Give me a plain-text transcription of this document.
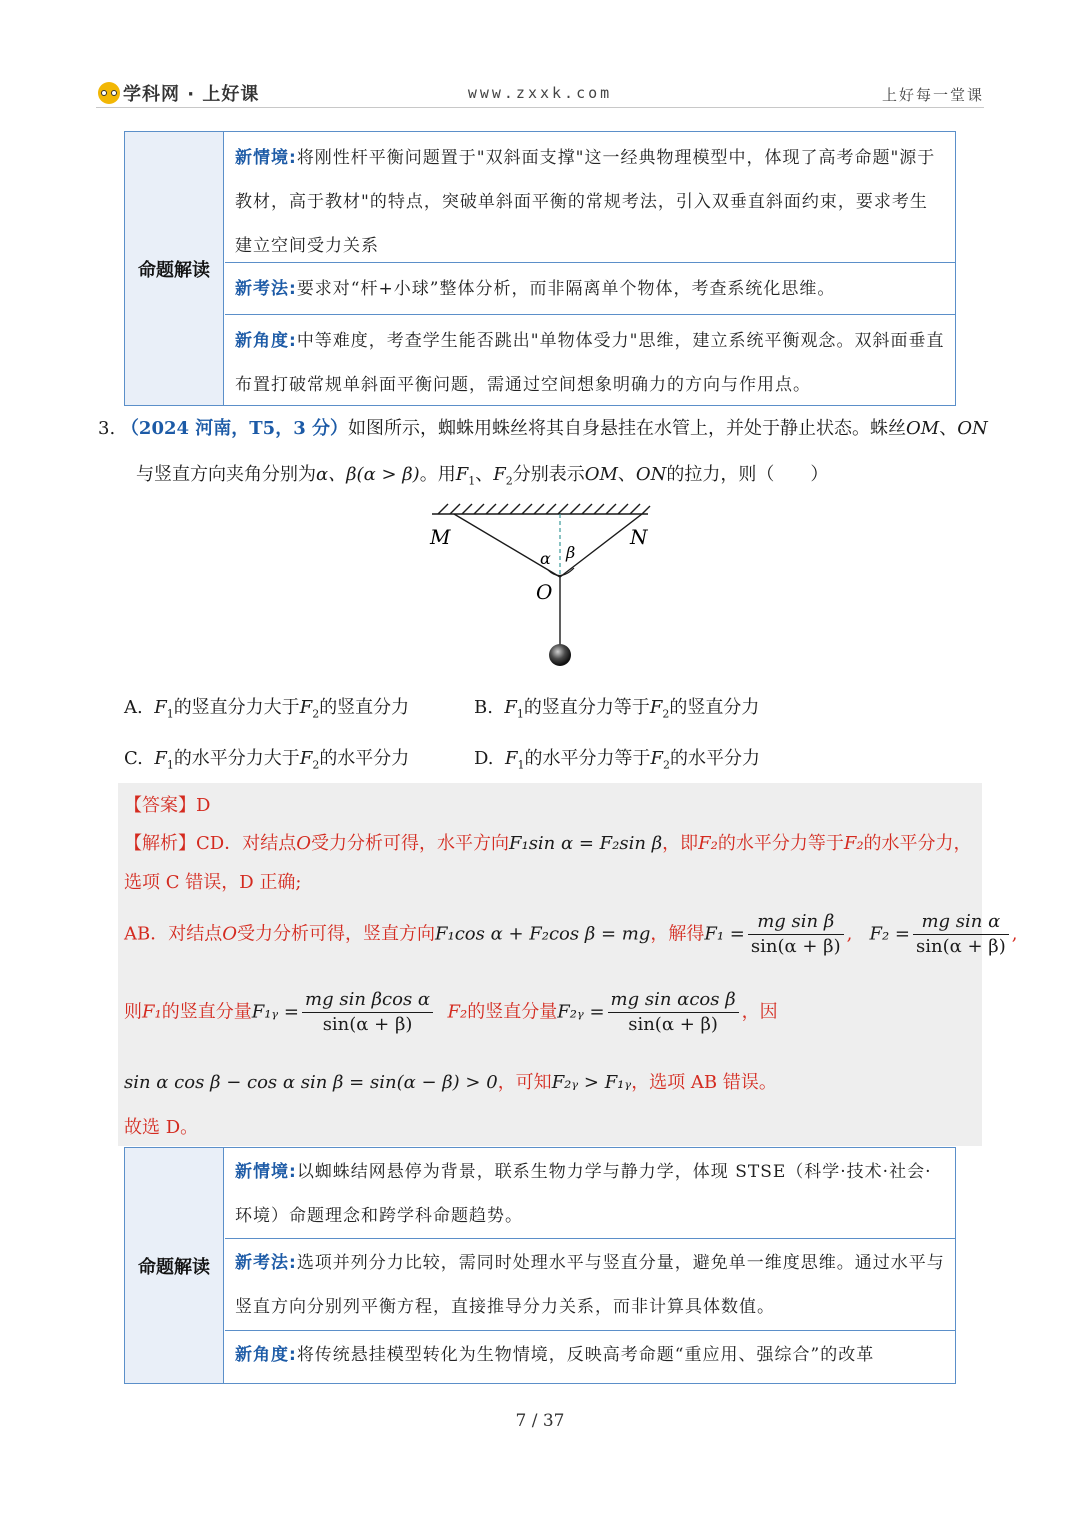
学科网 · 上好课	www.zxxk.com	上好每一堂课
命题解读
新情境:将刚性杆平衡问题置于"双斜面支撑"这一经典物理模型中，体现了高考命题"源于教材，高于教材"的特点，突破单斜面平衡的常规考法，引入双垂直斜面约束，要求考生建立空间受力关系
新考法:要求对“杆+小球”整体分析，而非隔离单个物体，考查系统化思维。
新角度:中等难度，考查学生能否跳出"单物体受力"思维，建立系统平衡观念。双斜面垂直布置打破常规单斜面平衡问题，需通过空间想象明确力的方向与作用点。
3. （2024 河南，T5，3 分）如图所示，蜘蛛用蛛丝将其自身悬挂在水管上，并处于静止状态。蛛丝OM、ON
与竖直方向夹角分别为α、β(α > β)。用$F_1$、$F_2$分别表示OM、ON的拉力，则（　　）
M	N
O
α β
A. $F_1$的竖直分力大于$F_2$的竖直分力	B. $F_1$的竖直分力等于$F_2$的竖直分力
C. $F_1$的水平分力大于$F_2$的水平分力	D. $F_1$的水平分力等于$F_2$的水平分力
【答案】D
【解析】CD．对结点O受力分析可得，水平方向F₁sin α = F₂sin β，即F₂的水平分力等于F₂的水平分力，
选项 C 错误，D 正确;
AB．对结点O受力分析可得，竖直方向F₁cos α + F₂cos β = mg，解得$F_1 = \frac{\text{mg sin β}}{\sin(\alpha + \beta)}$ ,   $F_2 = \frac{\text{mg sin α}}{\sin(\alpha + \beta)}$ ,
则F₁的竖直分量F₁ᵧ = $\frac{\text{mg sin βcos α}}{\sin(\alpha + \beta)} F_2$的竖直分量F₂ᵧ = $\frac{\text{mg sin αcos β}}{\sin(\alpha + \beta)}$ ，因
sin α cos β − cos α sin β = sin(α − β) > 0，可知F₂ᵧ > F₁ᵧ，选项 AB 错误。
故选 D。
命题解读
新情境:以蜘蛛结网悬停为背景，联系生物力学与静力学，体现 STSE（科学·技术·社会·环境）命题理念和跨学科命题趋势。
新考法:选项并列分力比较，需同时处理水平与竖直分量，避免单一维度思维。通过水平与竖直方向分别列平衡方程，直接推导分力关系，而非计算具体数值。
新角度:将传统悬挂模型转化为生物情境，反映高考命题“重应用、强综合”的改革
7 / 37
